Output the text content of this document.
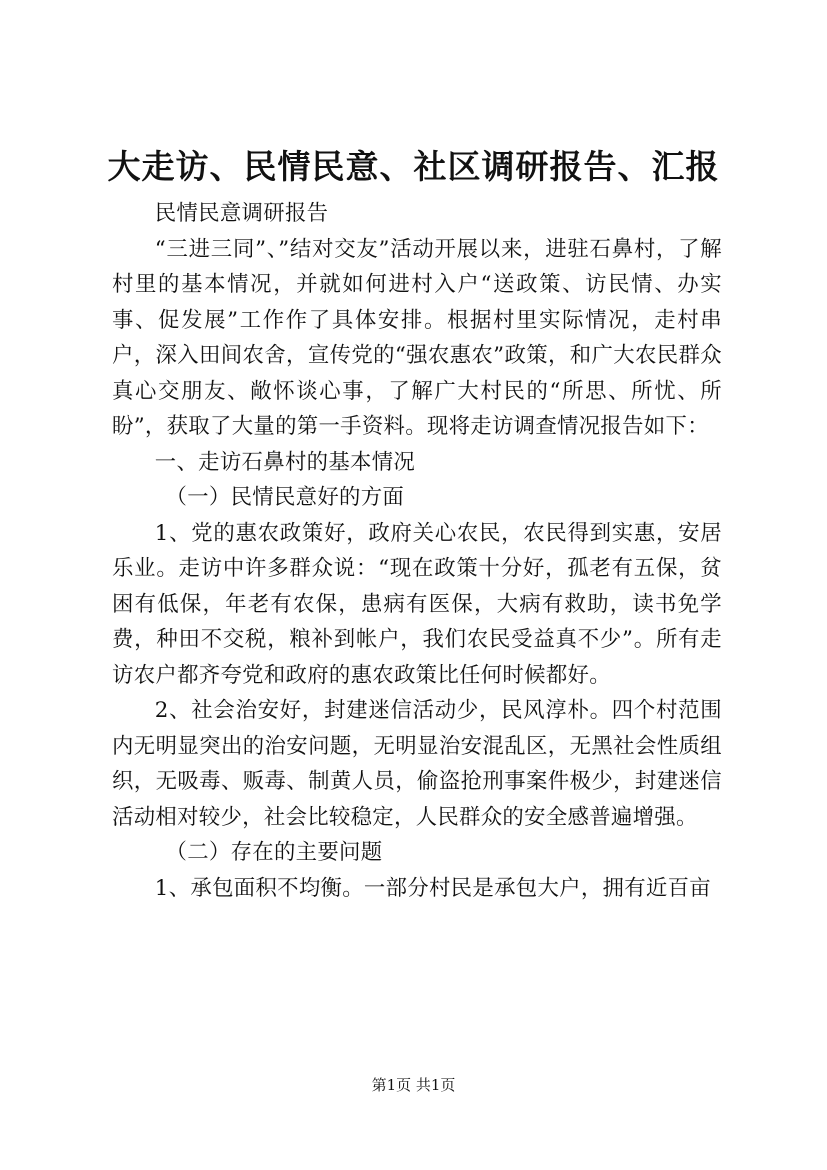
大走访、民情民意、社区调研报告、汇报

民情民意调研报告

“三进三同”、”结对交友”活动开展以来，进驻石鼻村，了解村里的基本情况，并就如何进村入户“送政策、访民情、办实事、促发展”工作作了具体安排。根据村里实际情况，走村串户，深入田间农舍，宣传党的“强农惠农”政策，和广大农民群众真心交朋友、敞怀谈心事，了解广大村民的“所思、所忧、所盼”，获取了大量的第一手资料。现将走访调查情况报告如下：

一、走访石鼻村的基本情况

（一）民情民意好的方面

1、党的惠农政策好，政府关心农民，农民得到实惠，安居乐业。走访中许多群众说：“现在政策十分好，孤老有五保，贫困有低保，年老有农保，患病有医保，大病有救助，读书免学费，种田不交税，粮补到帐户，我们农民受益真不少”。所有走访农户都齐夸党和政府的惠农政策比任何时候都好。

2、社会治安好，封建迷信活动少，民风淳朴。四个村范围内无明显突出的治安问题，无明显治安混乱区，无黑社会性质组织，无吸毒、贩毒、制黄人员，偷盗抢刑事案件极少，封建迷信活动相对较少，社会比较稳定，人民群众的安全感普遍增强。

（二）存在的主要问题

1、承包面积不均衡。一部分村民是承包大户，拥有近百亩

第1页 共1页
